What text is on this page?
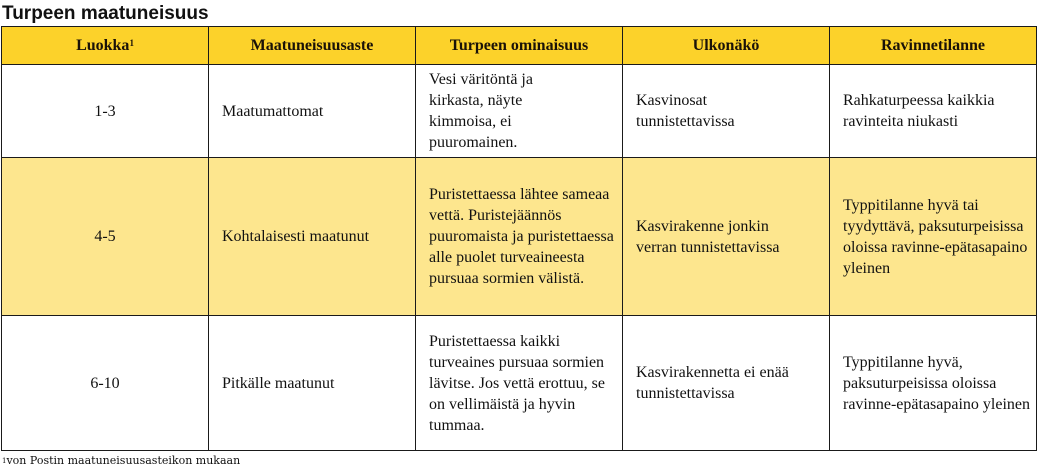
Turpeen maatuneisuus
Luokka$^1$	Maatuneisuusaste	Turpeen ominaisuus	Ulkonäkö	Ravinnetilanne
1-3	Maatumattomat	Vesi väritöntä ja kirkasta, näyte kimmoisa, ei puuromainen.	Kasvinosat tunnistettavissa	Rahkaturpeessa kaikkia ravinteita niukasti
4-5	Kohtalaisesti maatunut	Puristettaessa lähtee sameaa vettä. Puristejäännös puuromaista ja puristettaessa alle puolet turveaineesta pursuaa sormien välistä.	Kasvirakenne jonkin verran tunnistettavissa	Typpitilanne hyvä tai tyydyttävä, paksuturpeisissa oloissa ravinne-epätasapaino yleinen
6-10	Pitkälle maatunut	Puristettaessa kaikki turveaines pursuaa sormien lävitse. Jos vettä erottuu, se on vellimäistä ja hyvin tummaa.	Kasvirakennetta ei enää tunnistettavissa	Typpitilanne hyvä, paksuturpeisissa oloissa ravinne-epätasapaino yleinen
$^1$von Postin maatuneisuusasteikon mukaan
